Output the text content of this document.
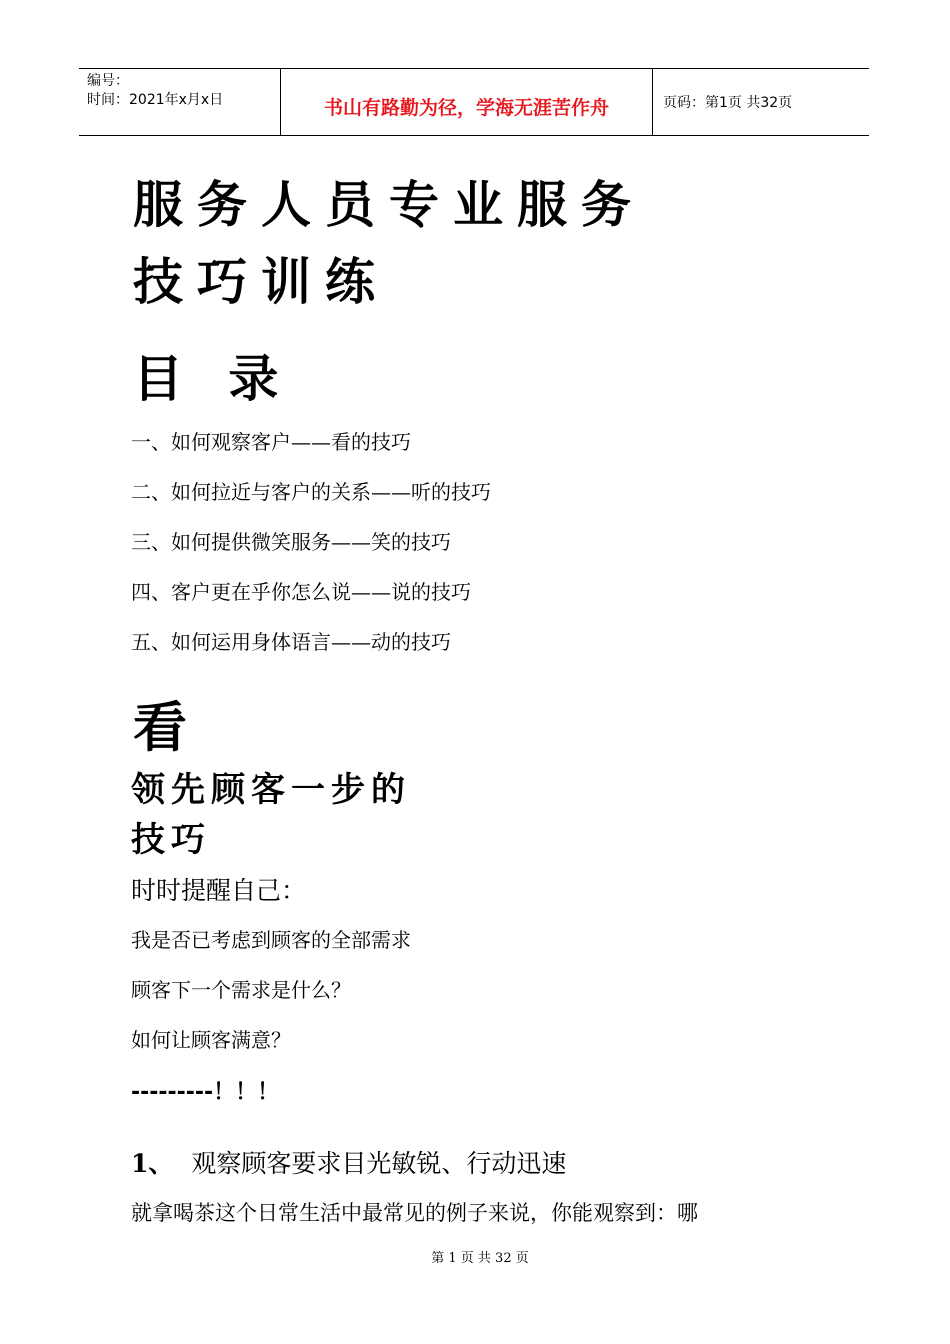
编号：
时间：2021年x月x日	书山有路勤为径，学海无涯苦作舟	页码：第1页 共32页
服务人员专业服务
技巧训练
目 录
一、如何观察客户——看的技巧
二、如何拉近与客户的关系——听的技巧
三、如何提供微笑服务——笑的技巧
四、客户更在乎你怎么说——说的技巧
五、如何运用身体语言——动的技巧
看
领先顾客一步的
技巧
时时提醒自己：
我是否已考虑到顾客的全部需求
顾客下一个需求是什么？
如何让顾客满意？
---------！！！
1、 观察顾客要求目光敏锐、行动迅速
就拿喝茶这个日常生活中最常见的例子来说，你能观察到：哪
第 1 页 共 32 页
